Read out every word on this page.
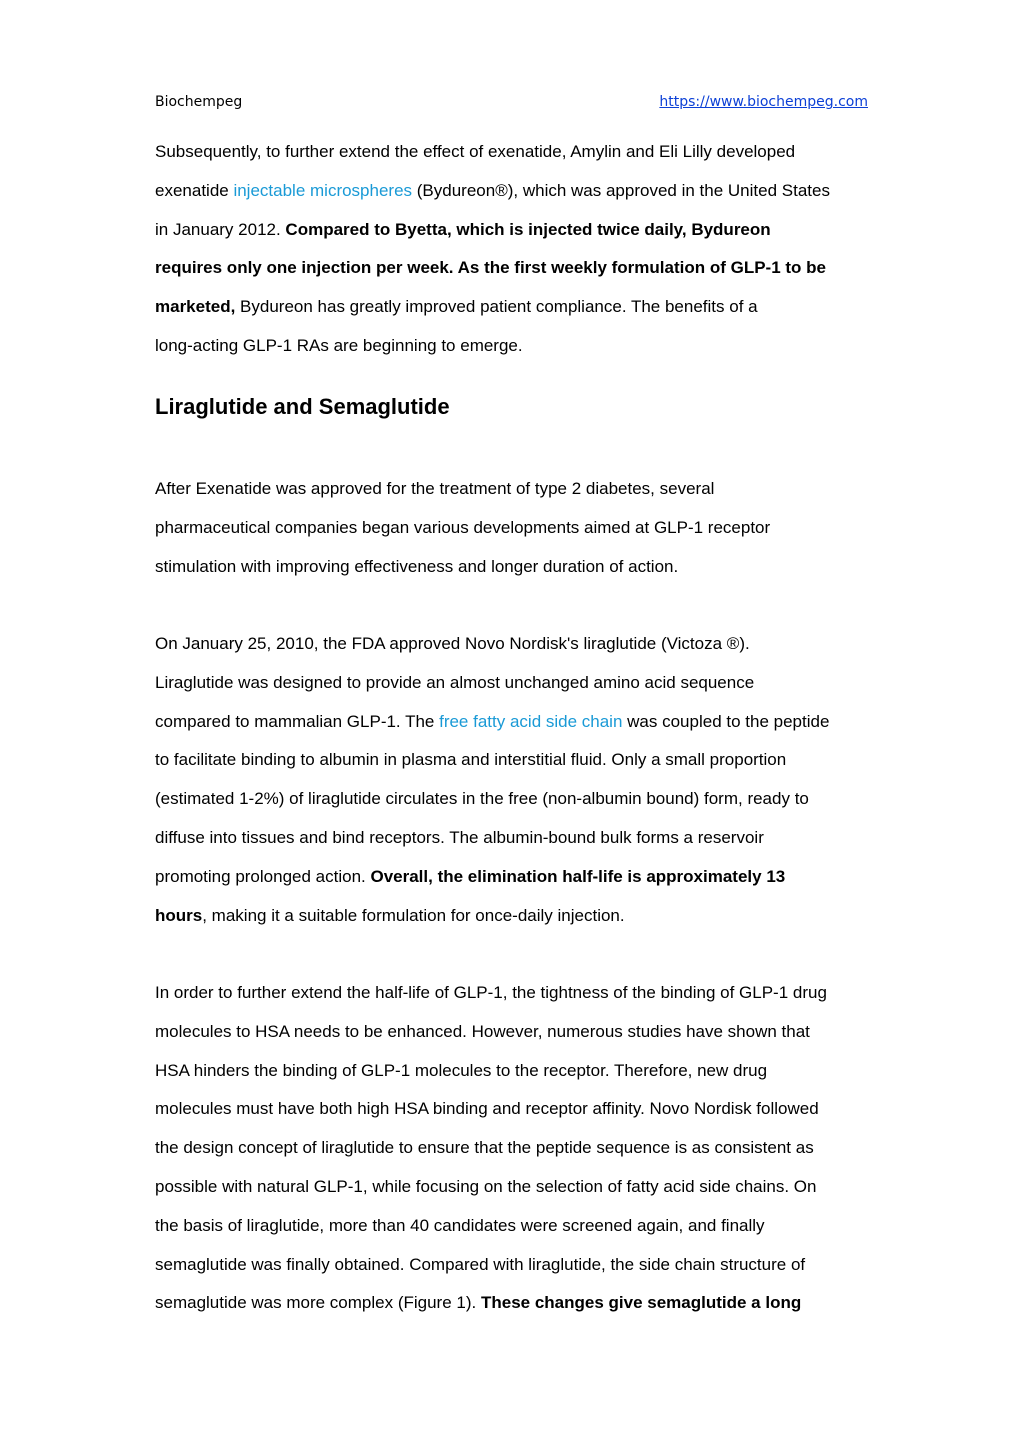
Biochempeg	https://www.biochempeg.com
Subsequently, to further extend the effect of exenatide, Amylin and Eli Lilly developed
exenatide injectable microspheres (Bydureon®), which was approved in the United States
in January 2012. Compared to Byetta, which is injected twice daily, Bydureon
requires only one injection per week. As the first weekly formulation of GLP-1 to be
marketed, Bydureon has greatly improved patient compliance. The benefits of a
long-acting GLP-1 RAs are beginning to emerge.
Liraglutide and Semaglutide
After Exenatide was approved for the treatment of type 2 diabetes, several
pharmaceutical companies began various developments aimed at GLP-1 receptor
stimulation with improving effectiveness and longer duration of action.
On January 25, 2010, the FDA approved Novo Nordisk's liraglutide (Victoza ®).
Liraglutide was designed to provide an almost unchanged amino acid sequence
compared to mammalian GLP-1. The free fatty acid side chain was coupled to the peptide
to facilitate binding to albumin in plasma and interstitial fluid. Only a small proportion
(estimated 1-2%) of liraglutide circulates in the free (non-albumin bound) form, ready to
diffuse into tissues and bind receptors. The albumin-bound bulk forms a reservoir
promoting prolonged action. Overall, the elimination half-life is approximately 13
hours, making it a suitable formulation for once-daily injection.
In order to further extend the half-life of GLP-1, the tightness of the binding of GLP-1 drug
molecules to HSA needs to be enhanced. However, numerous studies have shown that
HSA hinders the binding of GLP-1 molecules to the receptor. Therefore, new drug
molecules must have both high HSA binding and receptor affinity. Novo Nordisk followed
the design concept of liraglutide to ensure that the peptide sequence is as consistent as
possible with natural GLP-1, while focusing on the selection of fatty acid side chains. On
the basis of liraglutide, more than 40 candidates were screened again, and finally
semaglutide was finally obtained. Compared with liraglutide, the side chain structure of
semaglutide was more complex (Figure 1). These changes give semaglutide a long
